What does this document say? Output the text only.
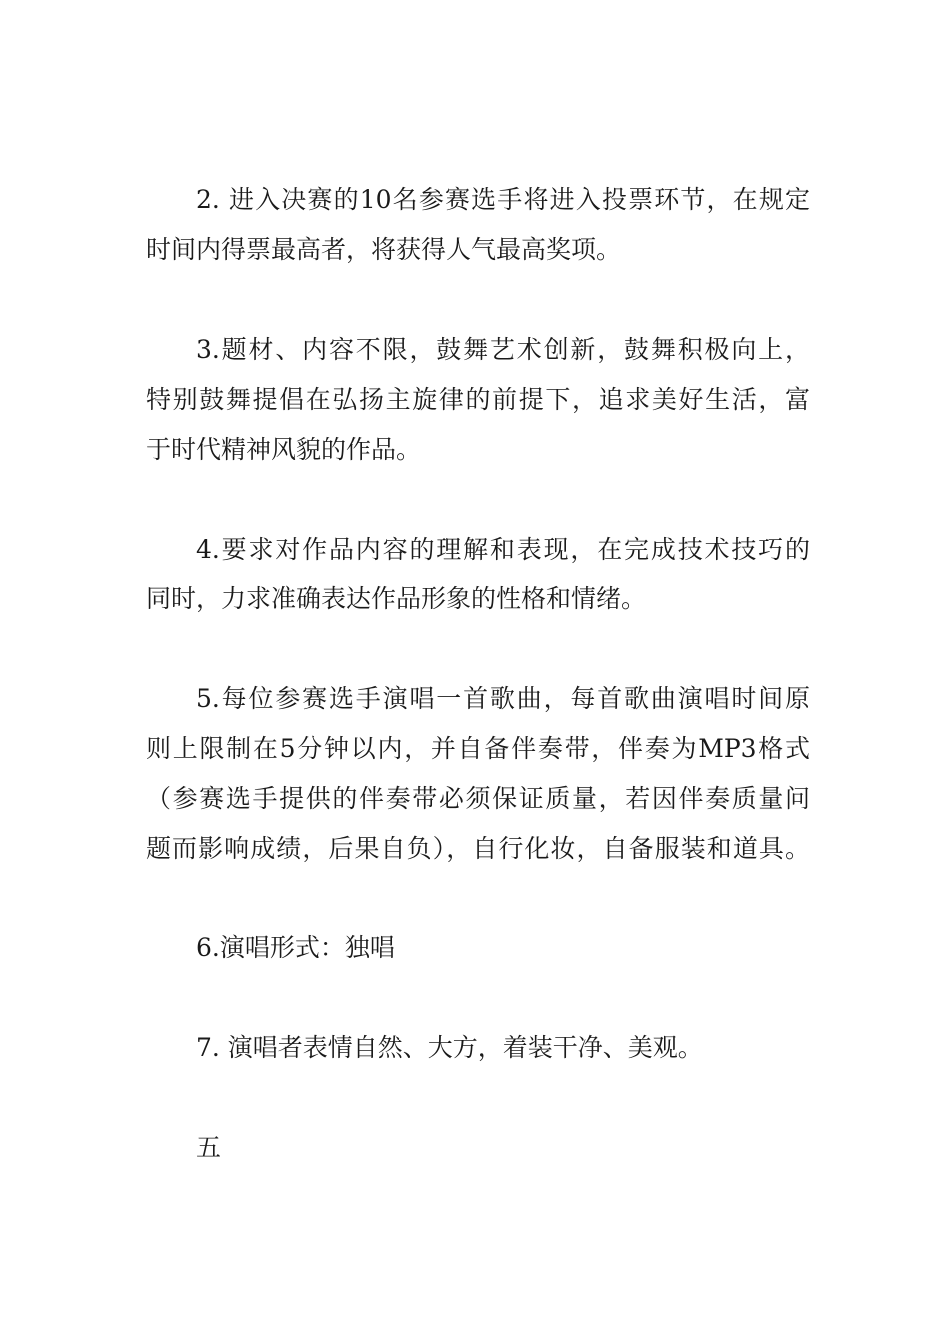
2. 进入决赛的10名参赛选手将进入投票环节，在规定
时间内得票最高者，将获得人气最高奖项。
3.题材、内容不限，鼓舞艺术创新，鼓舞积极向上，
特别鼓舞提倡在弘扬主旋律的前提下，追求美好生活，富
于时代精神风貌的作品。
4.要求对作品内容的理解和表现，在完成技术技巧的
同时，力求准确表达作品形象的性格和情绪。
5.每位参赛选手演唱一首歌曲，每首歌曲演唱时间原
则上限制在5分钟以内，并自备伴奏带，伴奏为MP3格式
（参赛选手提供的伴奏带必须保证质量，若因伴奏质量问
题而影响成绩，后果自负），自行化妆，自备服装和道具。
6.演唱形式：独唱
7. 演唱者表情自然、大方，着装干净、美观。
五
